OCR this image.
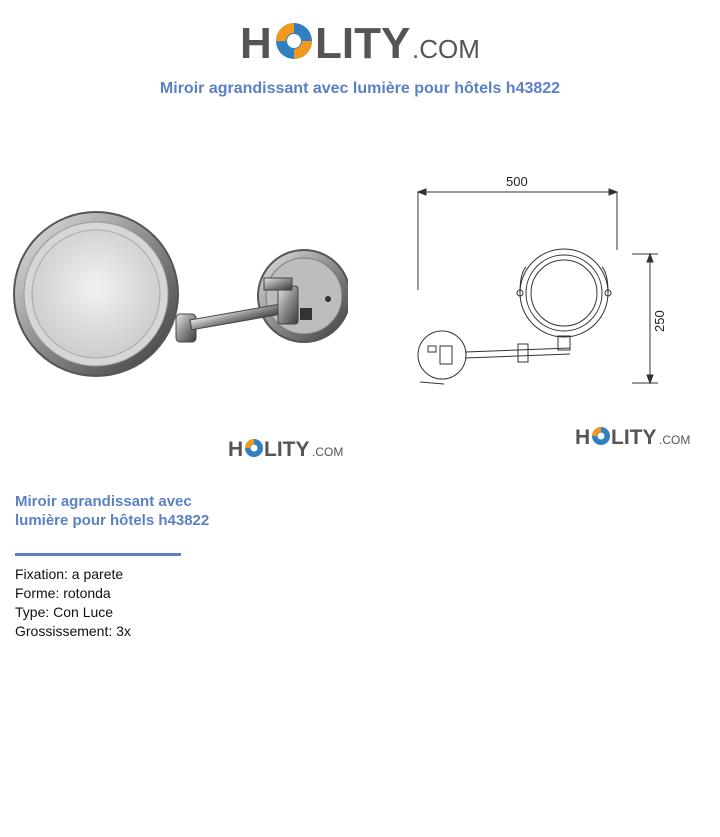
H LITY .COM
Miroir agrandissant avec lumière pour hôtels h43822
500
250
H LITY .COM
H LITY .COM
Miroir agrandissant avec lumière pour hôtels h43822
Fixation: a parete
Forme: rotonda
Type: Con Luce
Grossissement: 3x
